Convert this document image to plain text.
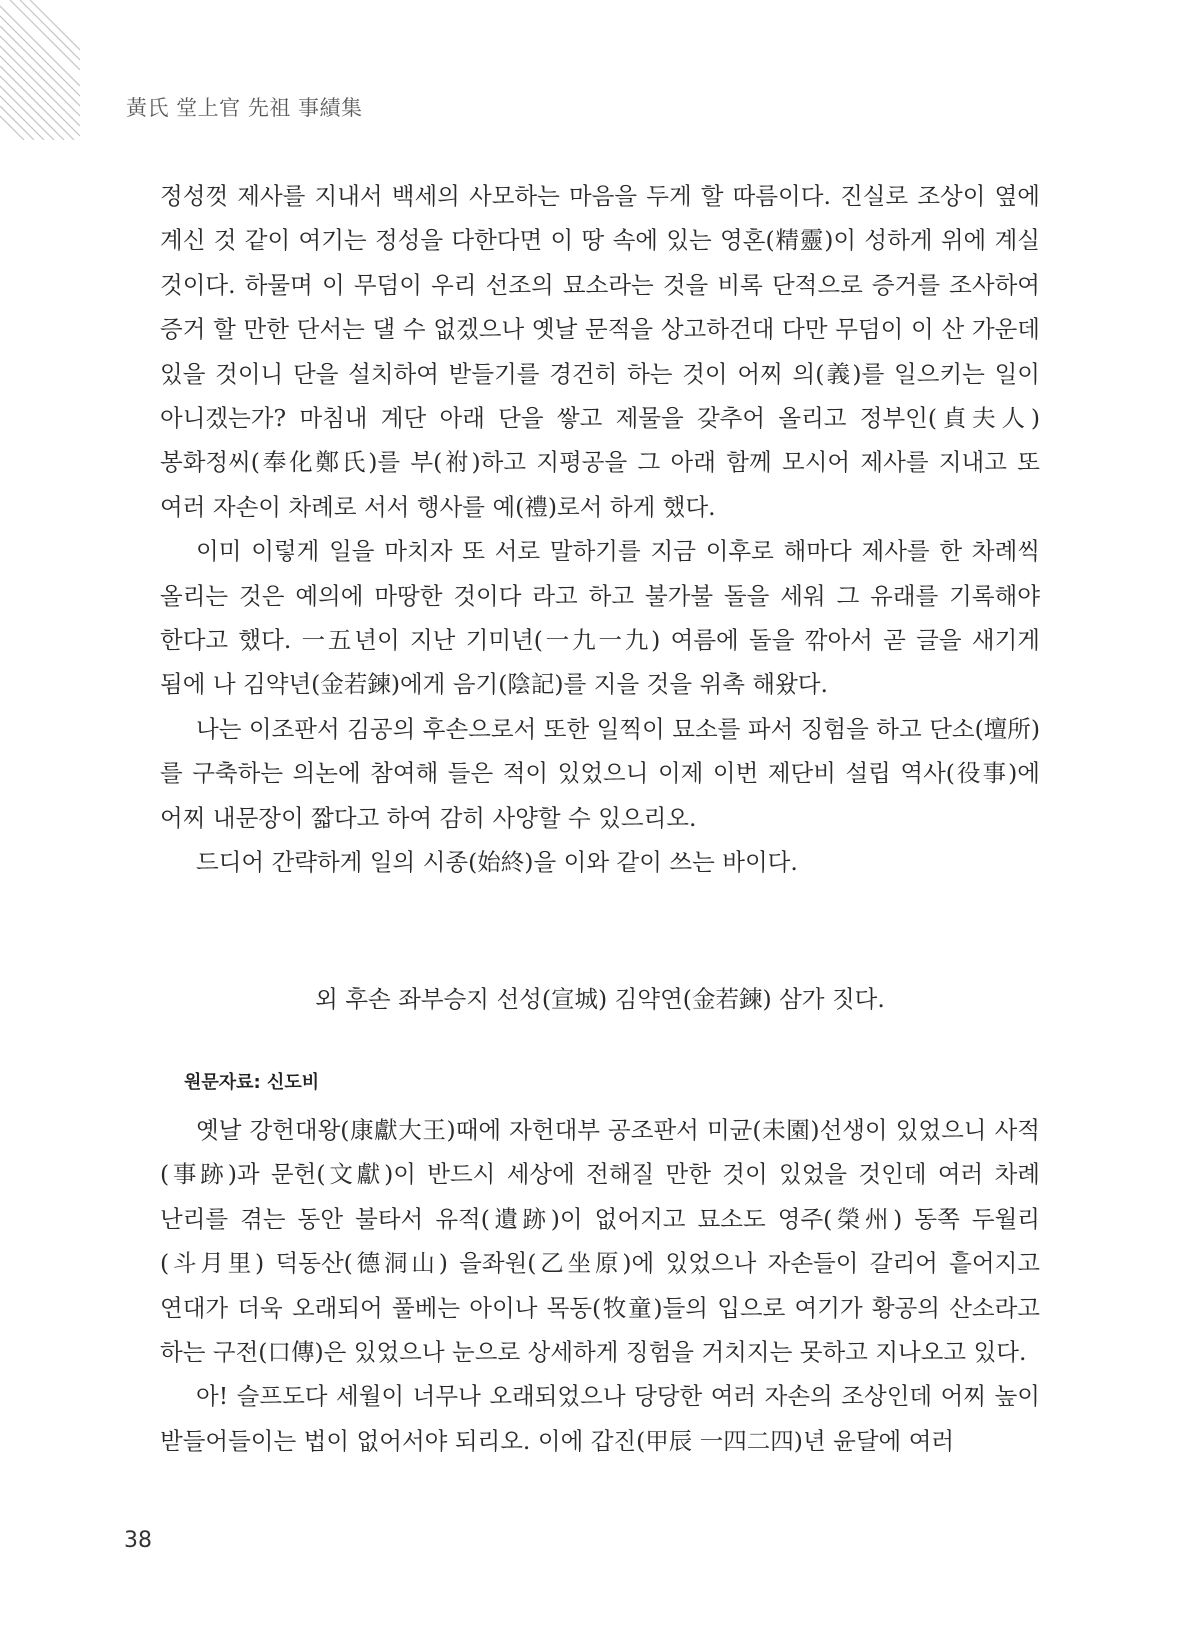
黃氏 堂上官 先祖 事績集

정성껏 제사를 지내서 백세의 사모하는 마음을 두게 할 따름이다. 진실로 조상이 옆에 계신 것 같이 여기는 정성을 다한다면 이 땅 속에 있는 영혼(精靈)이 성하게 위에 계실 것이다. 하물며 이 무덤이 우리 선조의 묘소라는 것을 비록 단적으로 증거를 조사하여 증거 할 만한 단서는 댈 수 없겠으나 옛날 문적을 상고하건대 다만 무덤이 이 산 가운데 있을 것이니 단을 설치하여 받들기를 경건히 하는 것이 어찌 의(義)를 일으키는 일이 아니겠는가? 마침내 계단 아래 단을 쌓고 제물을 갖추어 올리고 정부인(貞夫人) 봉화정씨(奉化鄭氏)를 부(祔)하고 지평공을 그 아래 함께 모시어 제사를 지내고 또 여러 자손이 차례로 서서 행사를 예(禮)로서 하게 했다.

이미 이렇게 일을 마치자 또 서로 말하기를 지금 이후로 해마다 제사를 한 차례씩 올리는 것은 예의에 마땅한 것이다 라고 하고 불가불 돌을 세워 그 유래를 기록해야 한다고 했다. 一五년이 지난 기미년(一九一九) 여름에 돌을 깎아서 곧 글을 새기게 됨에 나 김약년(金若鍊)에게 음기(陰記)를 지을 것을 위촉 해왔다.

나는 이조판서 김공의 후손으로서 또한 일찍이 묘소를 파서 징험을 하고 단소(壇所)를 구축하는 의논에 참여해 들은 적이 있었으니 이제 이번 제단비 설립 역사(役事)에 어찌 내문장이 짧다고 하여 감히 사양할 수 있으리오.

드디어 간략하게 일의 시종(始終)을 이와 같이 쓰는 바이다.

외 후손 좌부승지 선성(宣城) 김약연(金若鍊) 삼가 짓다.
원문자료: 신도비

옛날 강헌대왕(康獻大王)때에 자헌대부 공조판서 미균(未園)선생이 있었으니 사적(事跡)과 문헌(文獻)이 반드시 세상에 전해질 만한 것이 있었을 것인데 여러 차례 난리를 겪는 동안 불타서 유적(遺跡)이 없어지고 묘소도 영주(榮州) 동쪽 두월리(斗月里) 덕동산(德洞山) 을좌원(乙坐原)에 있었으나 자손들이 갈리어 흩어지고 연대가 더욱 오래되어 풀베는 아이나 목동(牧童)들의 입으로 여기가 황공의 산소라고 하는 구전(口傳)은 있었으나 눈으로 상세하게 징험을 거치지는 못하고 지나오고 있다.

아! 슬프도다 세월이 너무나 오래되었으나 당당한 여러 자손의 조상인데 어찌 높이 받들어들이는 법이 없어서야 되리오. 이에 갑진(甲辰 一四二四)년 윤달에 여러

38
